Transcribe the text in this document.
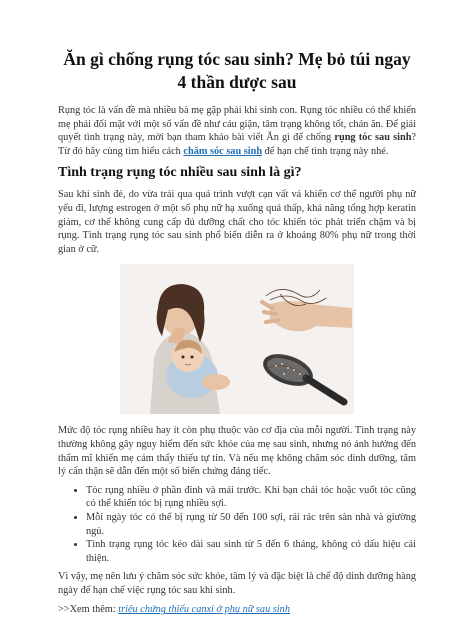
Ăn gì chống rụng tóc sau sinh? Mẹ bỏ túi ngay 4 thần dược sau

Rụng tóc là vấn đề mà nhiều bà mẹ gặp phải khi sinh con. Rụng tóc nhiều có thể khiến mẹ phải đối mặt với một số vấn đề như cáu giận, tâm trạng không tốt, chán ăn. Để giải quyết tình trạng này, mời bạn tham khảo bài viết Ăn gì để chống rụng tóc sau sinh? Từ đó hãy cùng tìm hiểu cách chăm sóc sau sinh để hạn chế tình trạng này nhé.

Tình trạng rụng tóc nhiều sau sinh là gì?

Sau khi sinh đẻ, do vừa trải qua quá trình vượt cạn vất vả khiến cơ thể người phụ nữ yếu đi, lượng estrogen ở một số phụ nữ hạ xuống quá thấp, khả năng tổng hợp keratin giảm, cơ thể không cung cấp đủ dưỡng chất cho tóc khiến tóc phát triển chậm và bị rụng. Tình trạng rụng tóc sau sinh phổ biến diễn ra ở khoảng 80% phụ nữ trong thời gian ở cữ.

Mức độ tóc rụng nhiều hay ít còn phụ thuộc vào cơ địa của mỗi người. Tình trạng này thường không gây nguy hiểm đến sức khỏe của mẹ sau sinh, nhưng nó ảnh hưởng đến thẩm mĩ khiến mẹ cảm thấy thiếu tự tin. Và nếu mẹ không chăm sóc dinh dưỡng, tâm lý cẩn thận sẽ dẫn đến một số biến chứng đáng tiếc.

• Tóc rụng nhiều ở phần đỉnh và mái trước. Khi bạn chải tóc hoặc vuốt tóc cũng có thể khiến tóc bị rụng nhiều sợi.
• Mỗi ngày tóc có thể bị rụng từ 50 đến 100 sợi, rải rác trên sàn nhà và giường ngủ.
• Tình trạng rụng tóc kéo dài sau sinh từ 5 đến 6 tháng, không có dấu hiệu cải thiện.

Vì vậy, mẹ nên lưu ý chăm sóc sức khỏe, tâm lý và đặc biệt là chế độ dinh dưỡng hàng ngày để hạn chế việc rụng tóc sau khi sinh.

>>Xem thêm: triệu chứng thiếu canxi ở phụ nữ sau sinh
